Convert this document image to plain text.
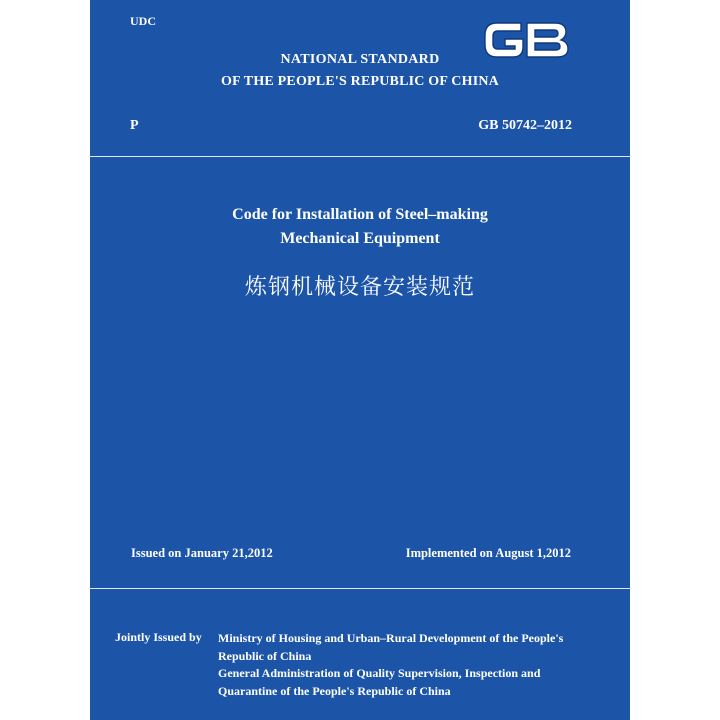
UDC
NATIONAL STANDARD
OF THE PEOPLE'S REPUBLIC OF CHINA
P	GB 50742–2012
Code for Installation of Steel–making
Mechanical Equipment
炼钢机械设备安装规范
Issued on January 21,2012	Implemented on August 1,2012
Jointly Issued by Ministry of Housing and Urban–Rural Development of the People's
Republic of China
General Administration of Quality Supervision, Inspection and
Quarantine of the People's Republic of China
